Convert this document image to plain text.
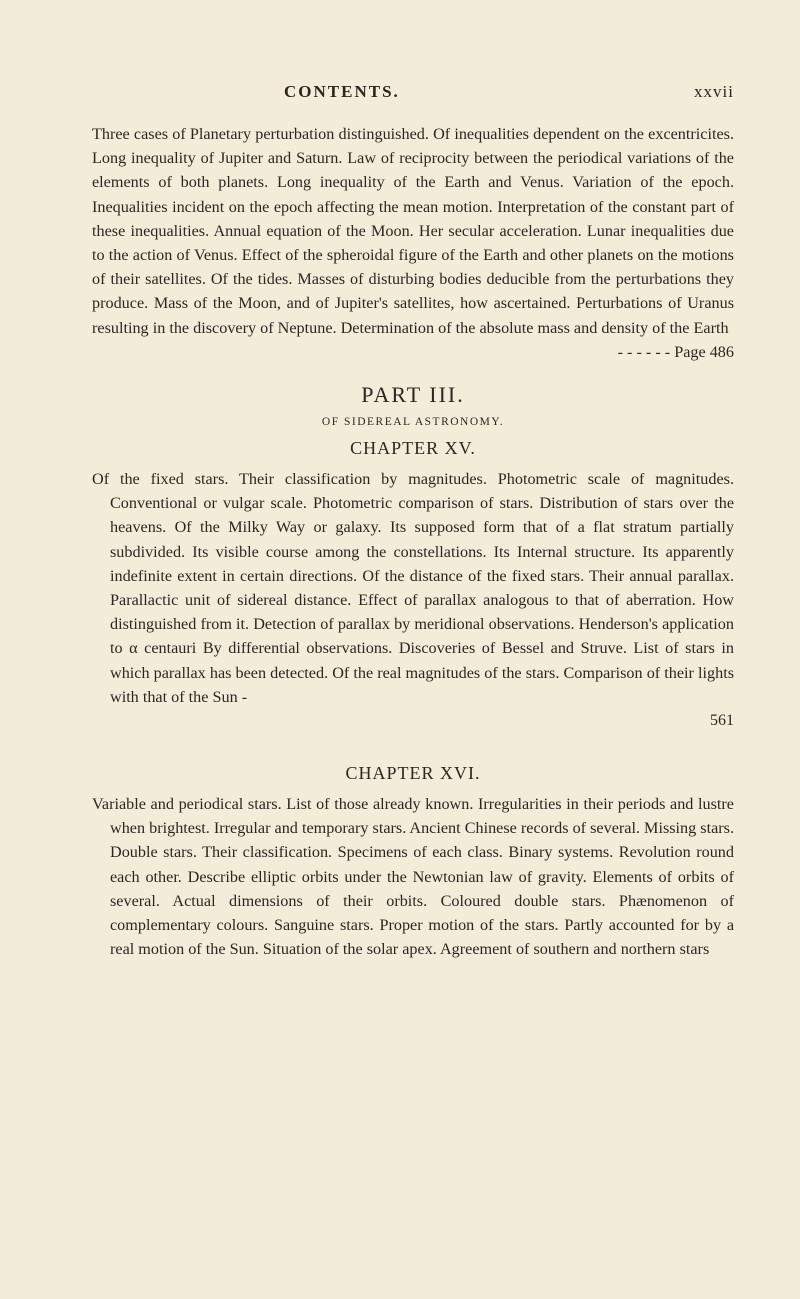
CONTENTS.	xxvii

Three cases of Planetary perturbation distinguished. Of inequalities dependent on the excentricites. Long inequality of Jupiter and Saturn. Law of reciprocity between the periodical variations of the elements of both planets. Long inequality of the Earth and Venus. Variation of the epoch. Inequalities incident on the epoch affecting the mean motion. Interpretation of the constant part of these inequalities. Annual equation of the Moon. Her secular acceleration. Lunar inequalities due to the action of Venus. Effect of the spheroidal figure of the Earth and other planets on the motions of their satellites. Of the tides. Masses of disturbing bodies deducible from the perturbations they produce. Mass of the Moon, and of Jupiter's satellites, how ascertained. Perturbations of Uranus resulting in the discovery of Neptune. Determination of the absolute mass and density of the Earth

- - - - - - Page 486

PART III.
OF SIDEREAL ASTRONOMY.
CHAPTER XV.

Of the fixed stars. Their classification by magnitudes. Photometric scale of magnitudes. Conventional or vulgar scale. Photometric comparison of stars. Distribution of stars over the heavens. Of the Milky Way or galaxy. Its supposed form that of a flat stratum partially subdivided. Its visible course among the constellations. Its Internal structure. Its apparently indefinite extent in certain directions. Of the distance of the fixed stars. Their annual parallax. Parallactic unit of sidereal distance. Effect of parallax analogous to that of aberration. How distinguished from it. Detection of parallax by meridional observations. Henderson's application to α centauri By differential observations. Discoveries of Bessel and Struve. List of stars in which parallax has been detected. Of the real magnitudes of the stars. Comparison of their lights with that of the Sun -

561
CHAPTER XVI.

Variable and periodical stars. List of those already known. Irregularities in their periods and lustre when brightest. Irregular and temporary stars. Ancient Chinese records of several. Missing stars. Double stars. Their classification. Specimens of each class. Binary systems. Revolution round each other. Describe elliptic orbits under the Newtonian law of gravity. Elements of orbits of several. Actual dimensions of their orbits. Coloured double stars. Phænomenon of complementary colours. Sanguine stars. Proper motion of the stars. Partly accounted for by a real motion of the Sun. Situation of the solar apex. Agreement of southern and northern stars
